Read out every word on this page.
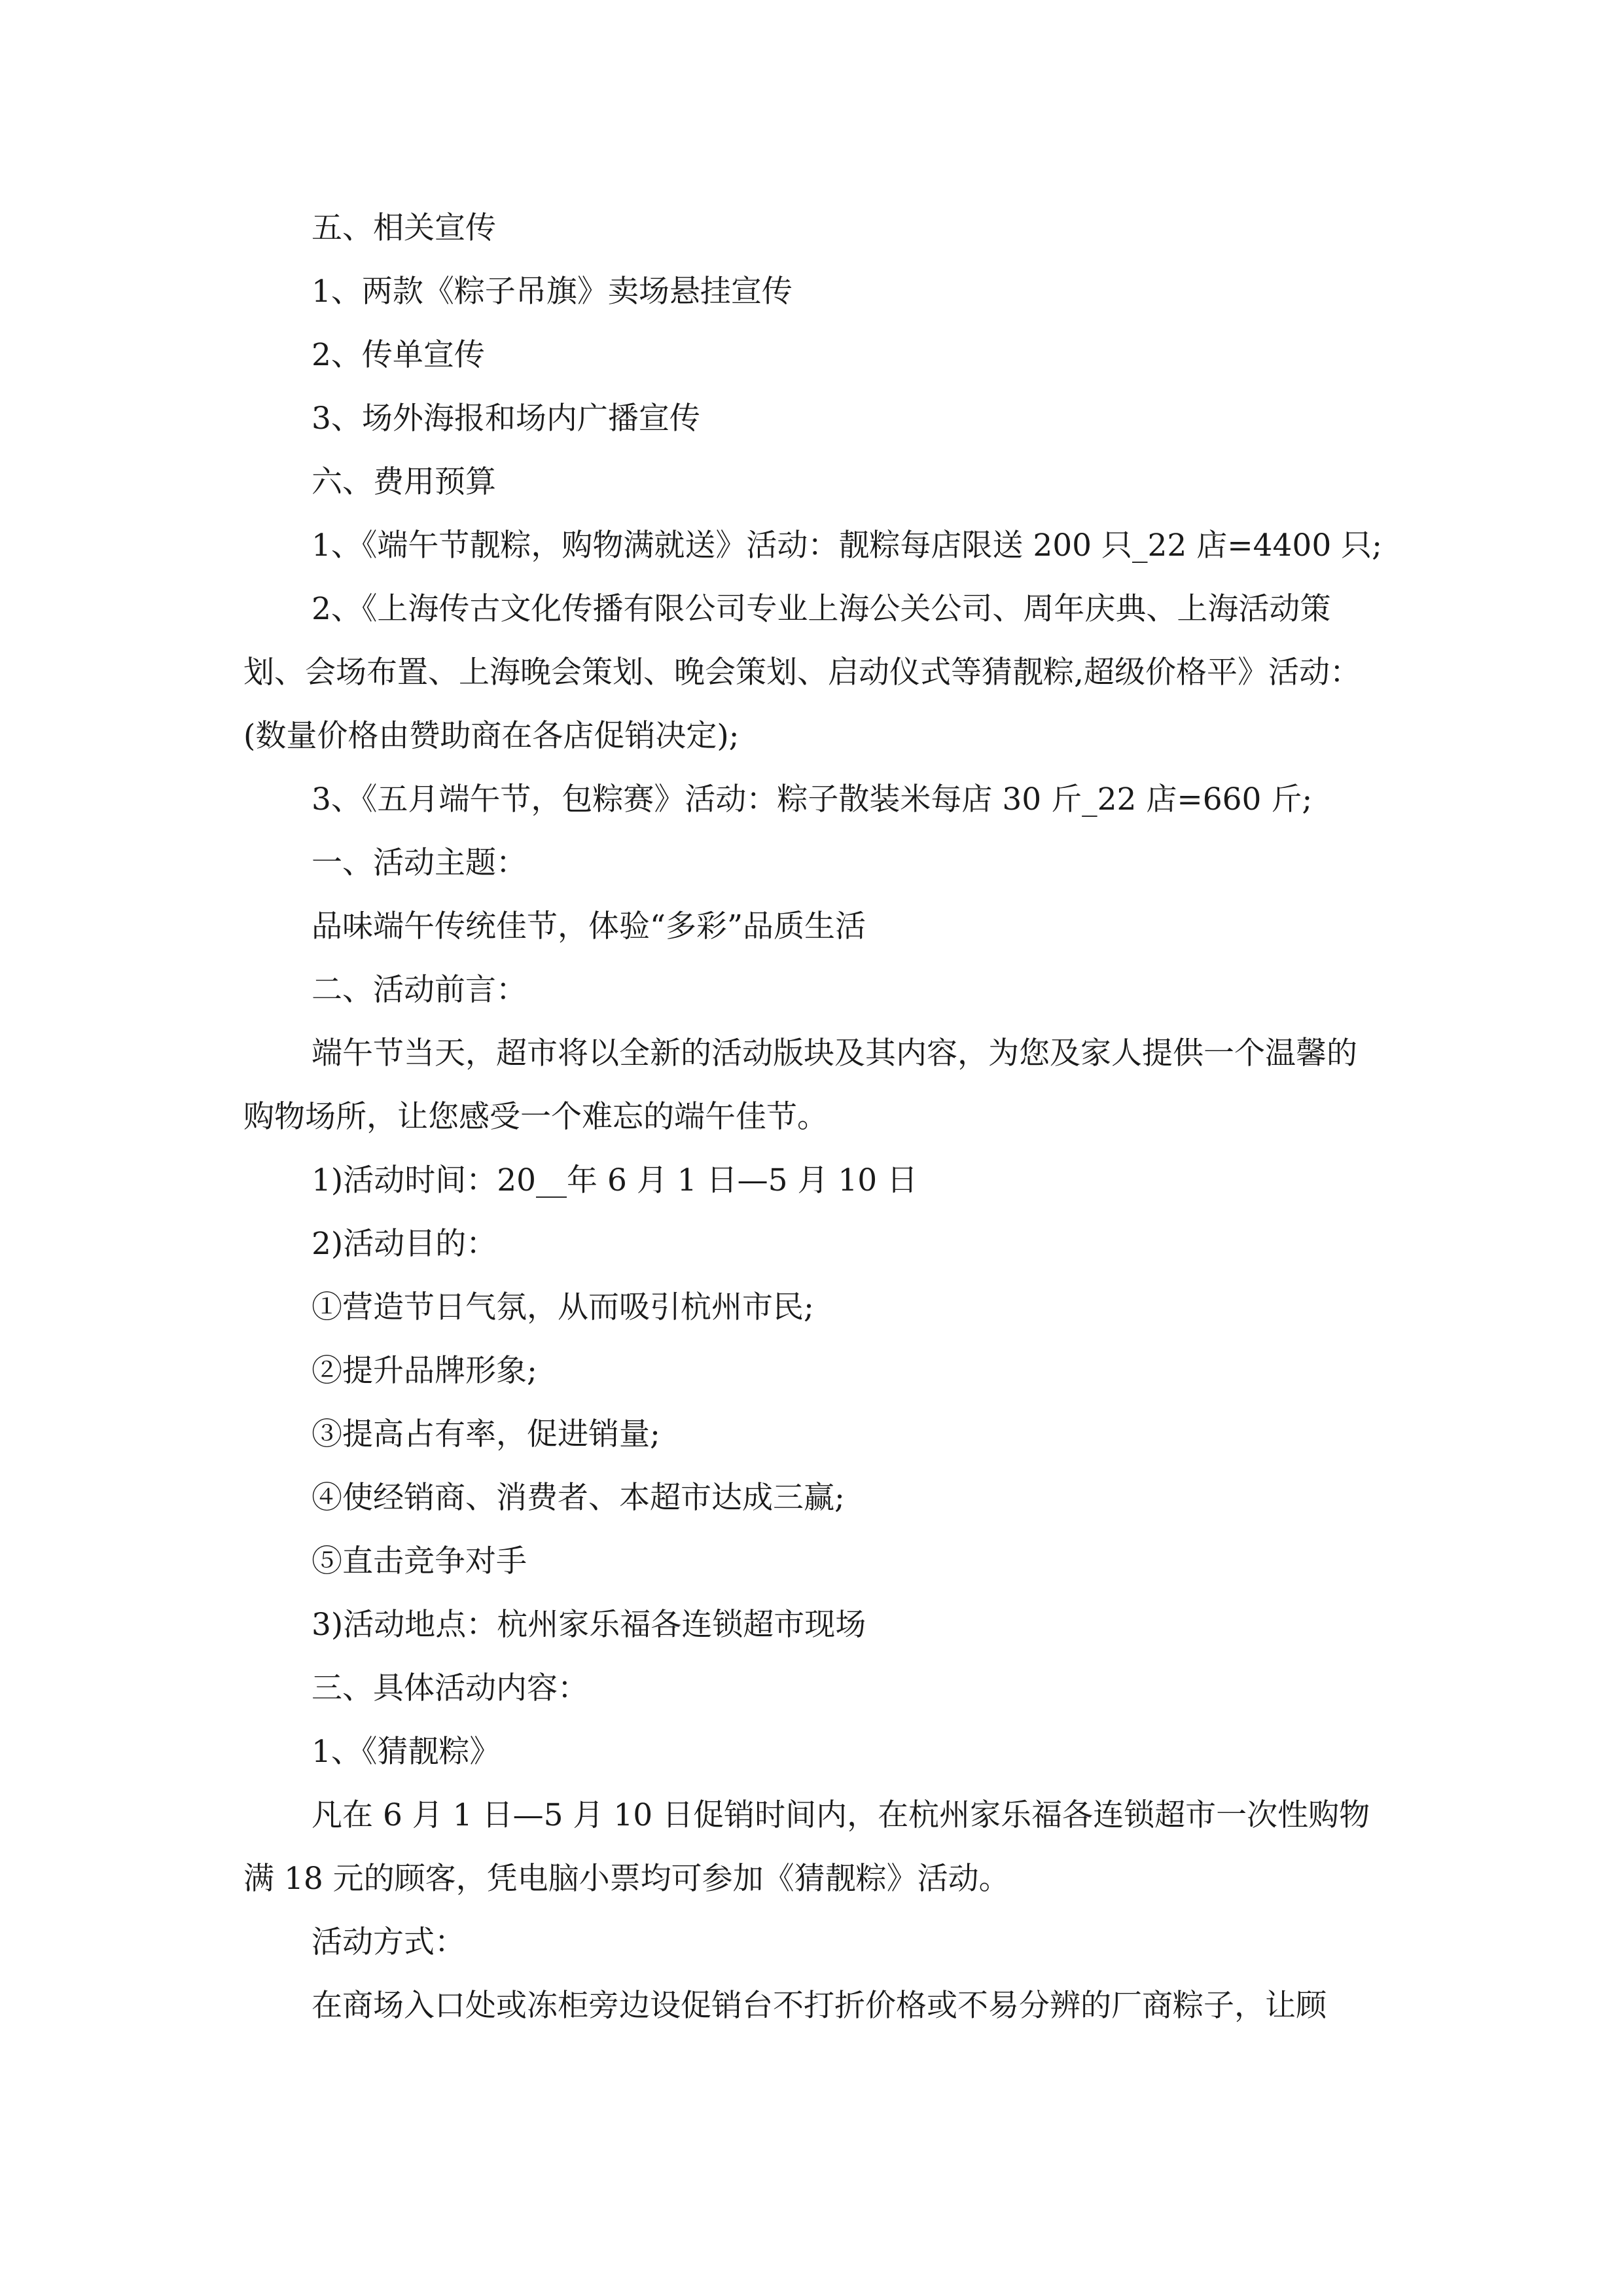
五、相关宣传

1、两款《粽子吊旗》卖场悬挂宣传

2、传单宣传

3、场外海报和场内广播宣传

六、费用预算

1、《端午节靓粽，购物满就送》活动：靓粽每店限送 200 只_22 店=4400 只;

2、《上海传古文化传播有限公司专业上海公关公司、周年庆典、上海活动策划、会场布置、上海晚会策划、晚会策划、启动仪式等猜靓粽,超级价格平》活动：(数量价格由赞助商在各店促销决定);

3、《五月端午节，包粽赛》活动：粽子散装米每店 30 斤_22 店=660 斤;

一、活动主题：

品味端午传统佳节，体验“多彩”品质生活

二、活动前言：

端午节当天，超市将以全新的活动版块及其内容，为您及家人提供一个温馨的购物场所，让您感受一个难忘的端午佳节。

1)活动时间：20__年 6 月 1 日—5 月 10 日

2)活动目的：

①营造节日气氛，从而吸引杭州市民;

②提升品牌形象;

③提高占有率，促进销量;

④使经销商、消费者、本超市达成三赢;

⑤直击竞争对手

3)活动地点：杭州家乐福各连锁超市现场

三、具体活动内容：

1、《猜靓粽》

凡在 6 月 1 日—5 月 10 日促销时间内，在杭州家乐福各连锁超市一次性购物满 18 元的顾客，凭电脑小票均可参加《猜靓粽》活动。

活动方式：

在商场入口处或冻柜旁边设促销台不打折价格或不易分辨的厂商粽子，让顾
